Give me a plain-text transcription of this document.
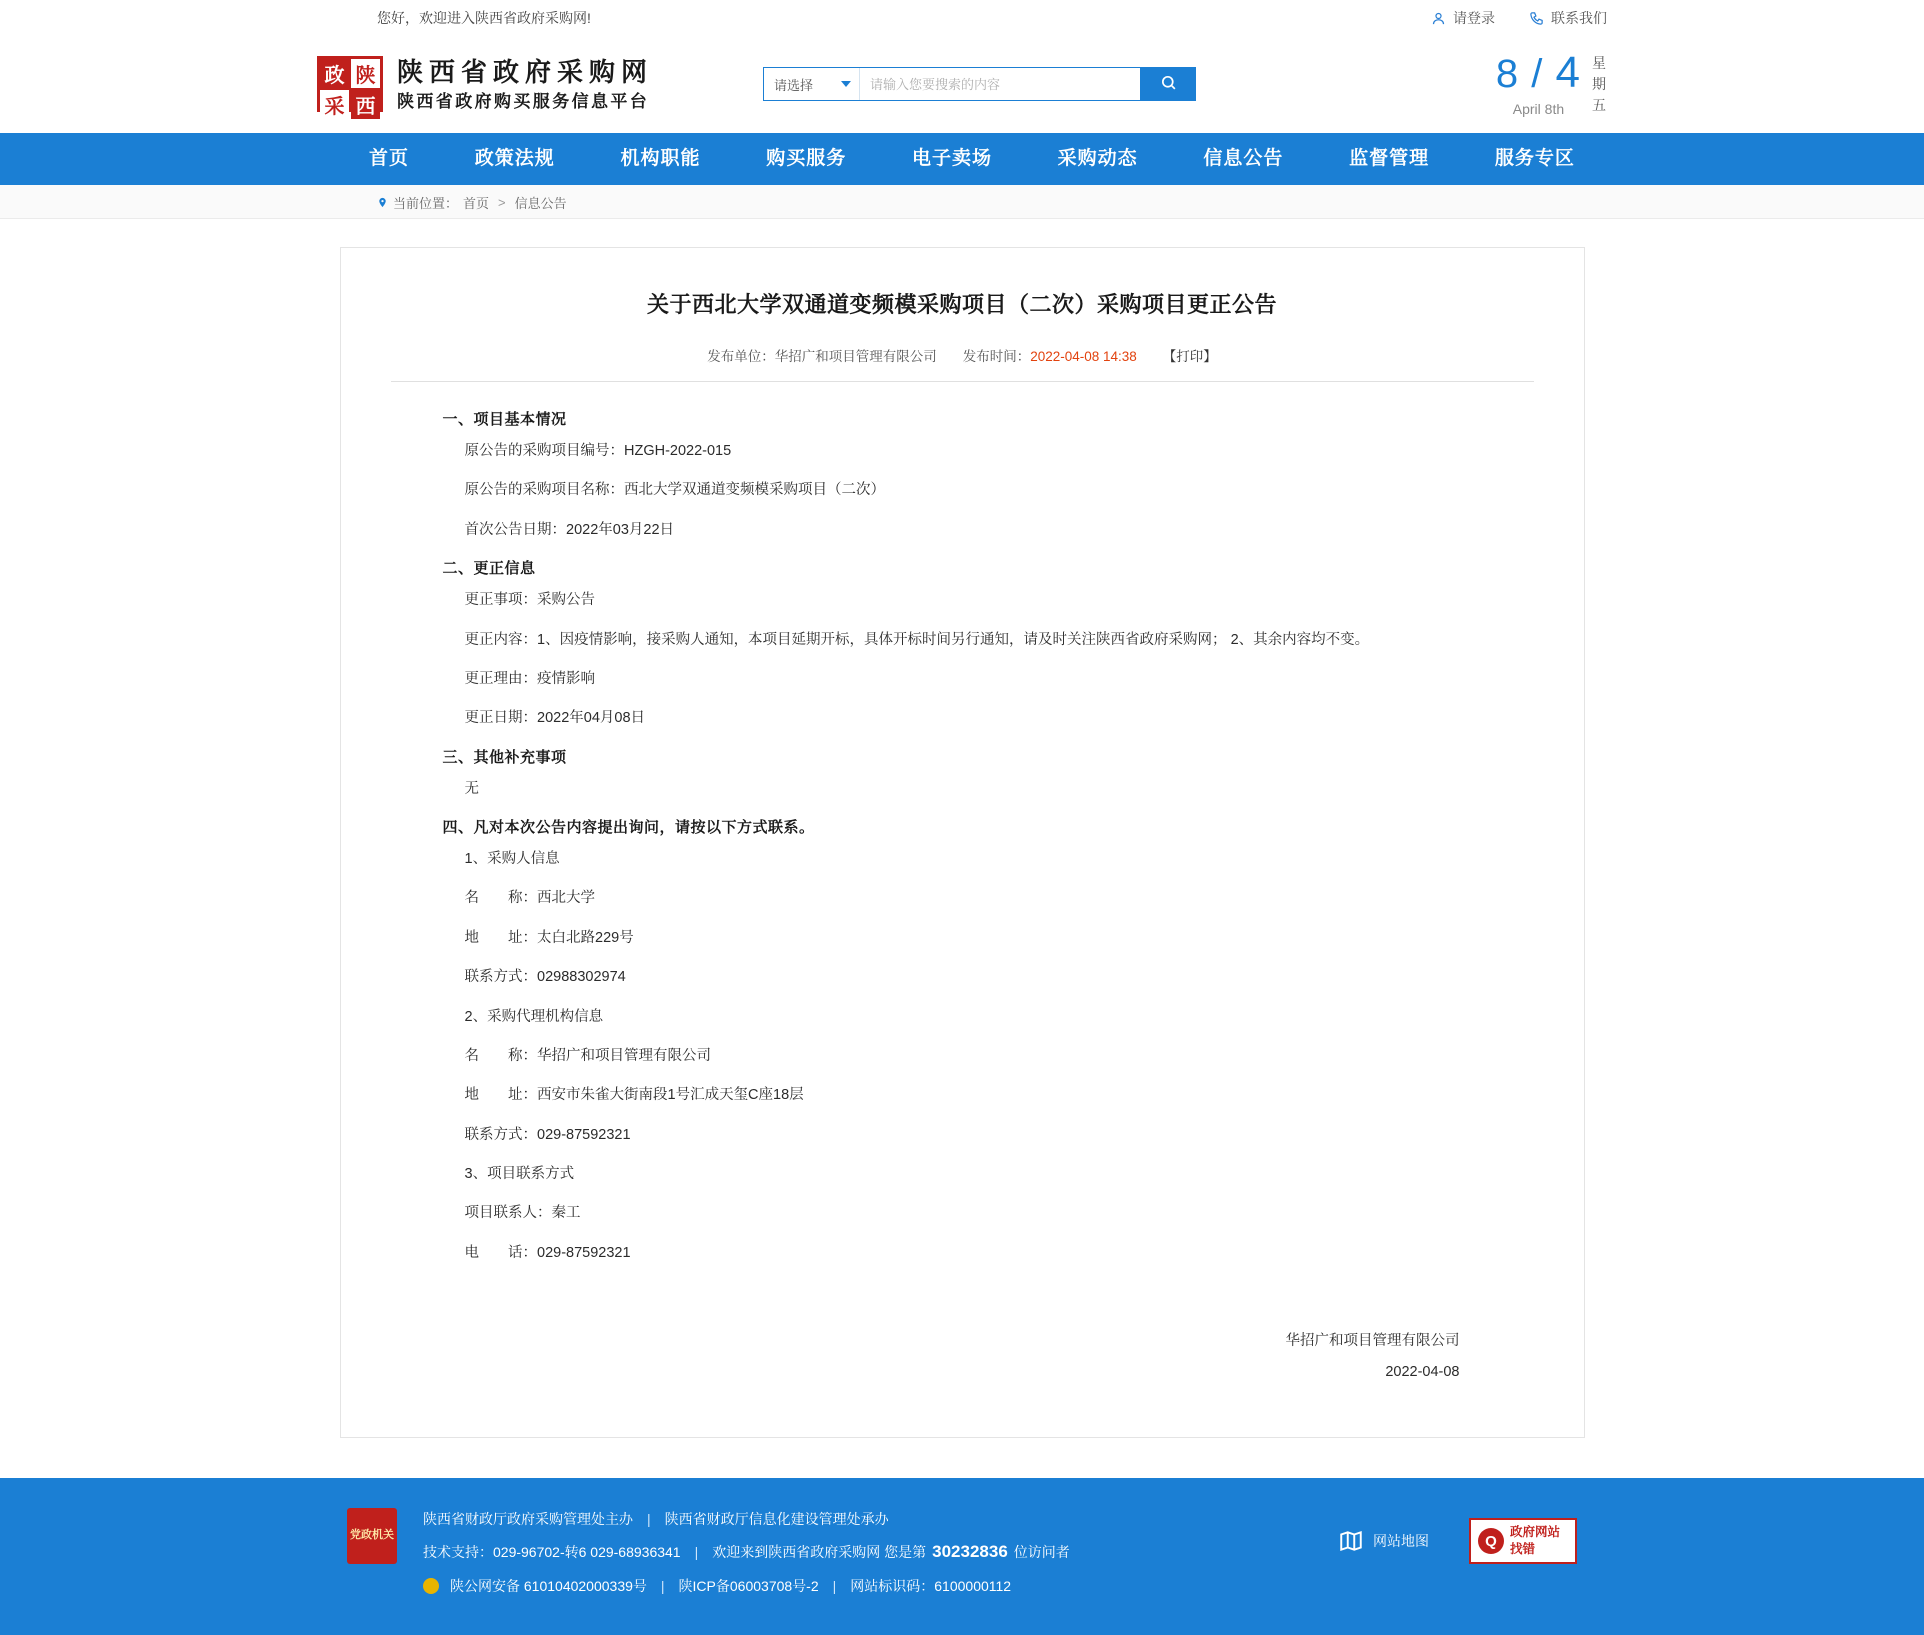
您好，欢迎进入陕西省政府采购网!	请登录	联系我们
政 陕
采 西
陕西省政府采购网
陕西省政府购买服务信息平台
请选择
请输入您要搜索的内容	8 / 4
April 8th
星期
五
首页	政策法规	机构职能	购买服务	电子卖场	采购动态	信息公告	监督管理	服务专区
当前位置： 首页 > 信息公告
关于西北大学双通道变频模采购项目（二次）采购项目更正公告
发布单位：华招广和项目管理有限公司 发布时间：2022-04-08 14:38 【打印】
一、项目基本情况
原公告的采购项目编号：HZGH-2022-015
原公告的采购项目名称：西北大学双通道变频模采购项目（二次）
首次公告日期：2022年03月22日
二、更正信息
更正事项：采购公告
更正内容：1、因疫情影响，接采购人通知，本项目延期开标，具体开标时间另行通知，请及时关注陕西省政府采购网； 2、其余内容均不变。
更正理由：疫情影响
更正日期：2022年04月08日
三、其他补充事项
无
四、凡对本次公告内容提出询问，请按以下方式联系。
1、采购人信息
名　　称：西北大学
地　　址：太白北路229号
联系方式：02988302974
2、采购代理机构信息
名　　称：华招广和项目管理有限公司
地　　址：西安市朱雀大街南段1号汇成天玺C座18层
联系方式：029-87592321
3、项目联系方式
项目联系人：秦工
电　　话：029-87592321
华招广和项目管理有限公司
2022-04-08
党政机关
陕西省财政厅政府采购管理处主办 | 陕西省财政厅信息化建设管理处承办
技术支持：029-96702-转6 029-68936341 | 欢迎来到陕西省政府采购网 您是第 30232836 位访问者
陕公网安备 61010402000339号 | 陕ICP备06003708号-2 | 网站标识码：6100000112
网站地图	Q
政府网站
找错
